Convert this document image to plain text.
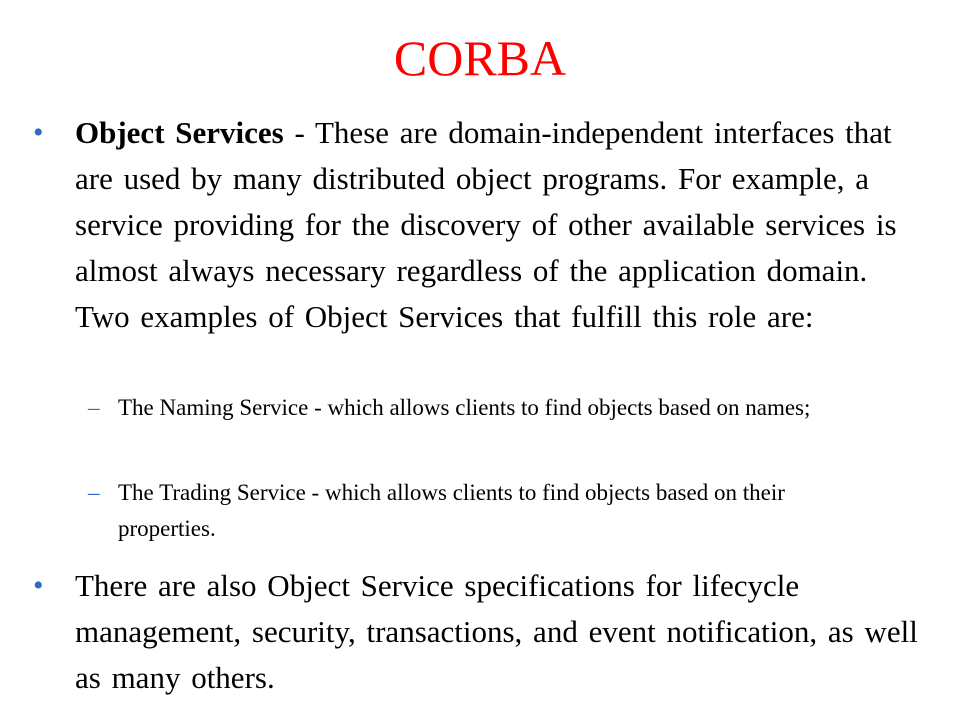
CORBA
• Object Services - These are domain-independent interfaces that are used by many distributed object programs. For example, a service providing for the discovery of other available services is almost always necessary regardless of the application domain. Two examples of Object Services that fulfill this role are:
– The Naming Service - which allows clients to find objects based on names;
– The Trading Service - which allows clients to find objects based on their properties.
• There are also Object Service specifications for lifecycle management, security, transactions, and event notification, as well as many others.
